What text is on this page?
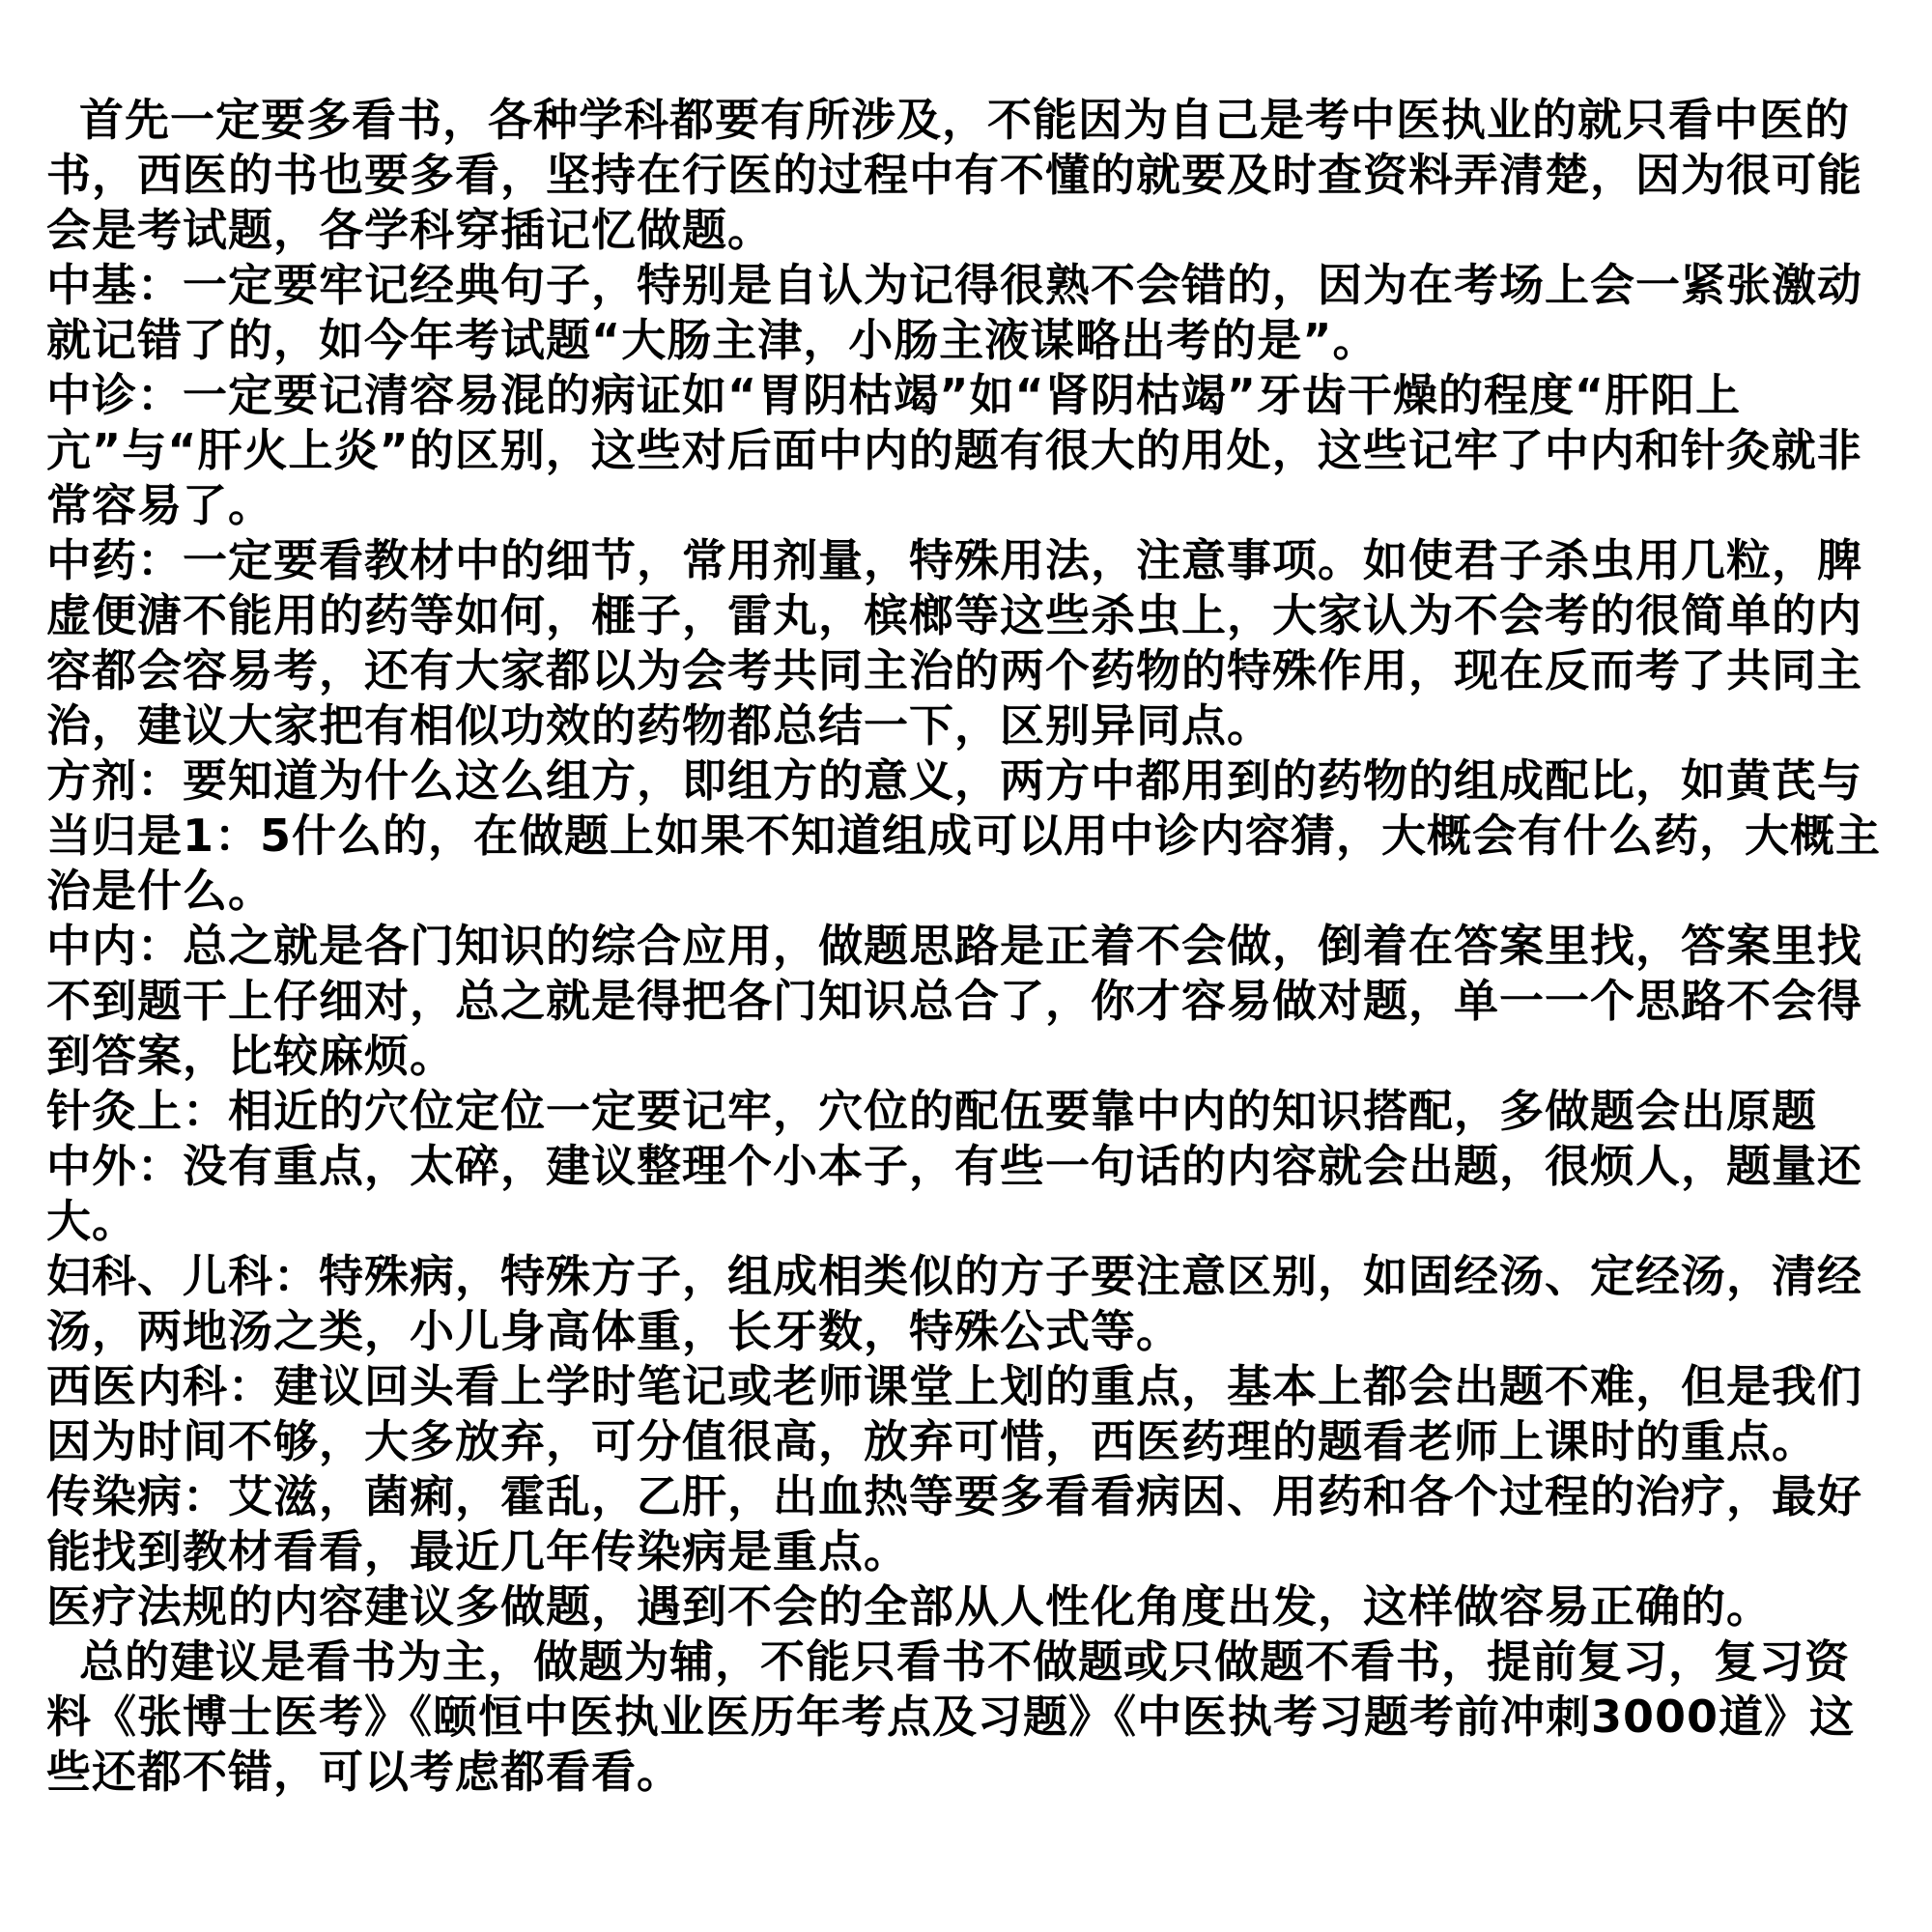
首先一定要多看书，各种学科都要有所涉及，不能因为自己是考中医执业的就只看中医的书，西医的书也要多看，坚持在行医的过程中有不懂的就要及时查资料弄清楚，因为很可能会是考试题，各学科穿插记忆做题。

中基：一定要牢记经典句子，特别是自认为记得很熟不会错的，因为在考场上会一紧张激动就记错了的，如今年考试题“大肠主津，小肠主液谋略出考的是”。

中诊：一定要记清容易混的病证如“胃阴枯竭”如“肾阴枯竭”牙齿干燥的程度“肝阳上亢”与“肝火上炎”的区别，这些对后面中内的题有很大的用处，这些记牢了中内和针灸就非常容易了。

中药：一定要看教材中的细节，常用剂量，特殊用法，注意事项。如使君子杀虫用几粒，脾虚便溏不能用的药等如何，榧子，雷丸，槟榔等这些杀虫上，大家认为不会考的很简单的内容都会容易考，还有大家都以为会考共同主治的两个药物的特殊作用，现在反而考了共同主治，建议大家把有相似功效的药物都总结一下，区别异同点。

方剂：要知道为什么这么组方，即组方的意义，两方中都用到的药物的组成配比，如黄芪与当归是1：5什么的，在做题上如果不知道组成可以用中诊内容猜，大概会有什么药，大概主治是什么。

中内：总之就是各门知识的综合应用，做题思路是正着不会做，倒着在答案里找，答案里找不到题干上仔细对，总之就是得把各门知识总合了，你才容易做对题，单一一个思路不会得到答案，比较麻烦。

针灸上：相近的穴位定位一定要记牢，穴位的配伍要靠中内的知识搭配，多做题会出原题

中外：没有重点，太碎，建议整理个小本子，有些一句话的内容就会出题，很烦人，题量还大。

妇科、儿科：特殊病，特殊方子，组成相类似的方子要注意区别，如固经汤、定经汤，清经汤，两地汤之类，小儿身高体重，长牙数，特殊公式等。

西医内科：建议回头看上学时笔记或老师课堂上划的重点，基本上都会出题不难，但是我们因为时间不够，大多放弃，可分值很高，放弃可惜，西医药理的题看老师上课时的重点。

传染病：艾滋，菌痢，霍乱，乙肝，出血热等要多看看病因、用药和各个过程的治疗，最好能找到教材看看，最近几年传染病是重点。

医疗法规的内容建议多做题，遇到不会的全部从人性化角度出发，这样做容易正确的。

总的建议是看书为主，做题为辅，不能只看书不做题或只做题不看书，提前复习，复习资料《张博士医考》《颐恒中医执业医历年考点及习题》《中医执考习题考前冲刺3000道》这些还都不错，可以考虑都看看。
